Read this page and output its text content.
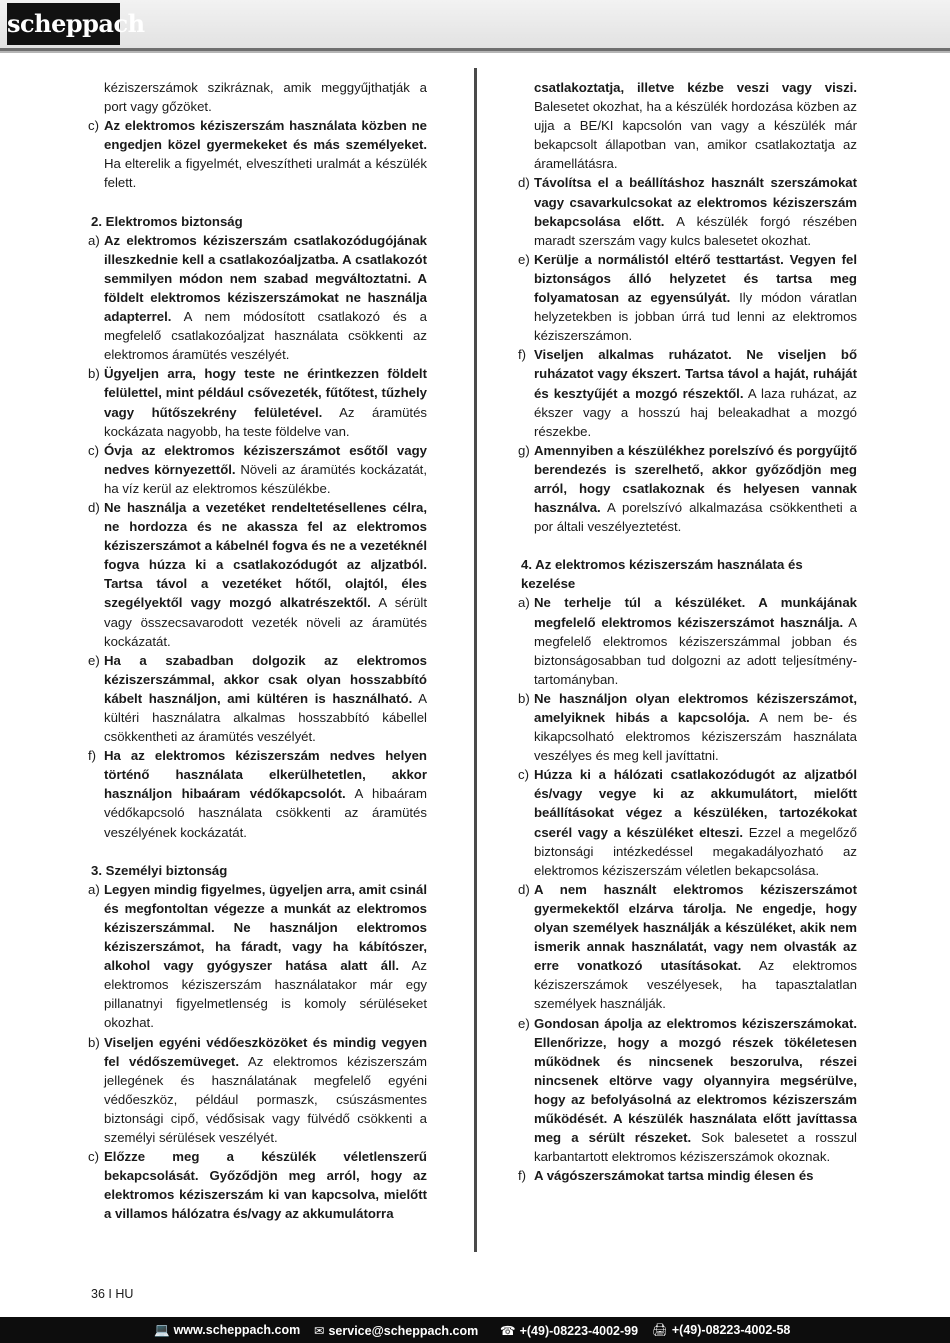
scheppach
kéziszerszámok szikráznak, amik meggyűjthatják a port vagy gőzöket.
c) Az elektromos kéziszerszám használata közben ne engedjen közel gyermekeket és más személyeket. Ha elterelik a figyelmét, elveszítheti uralmát a készülék felett.
2. Elektromos biztonság
a) Az elektromos kéziszerszám csatlakozódugójának illeszkednie kell a csatlakozóaljzatba. A csatlakozót semmilyen módon nem szabad megváltoztatni. A földelt elektromos kéziszerszámokat ne használja adapterrel. A nem módosított csatlakozó és a megfelelő csatlakozóaljzat használata csökkenti az elektromos áramütés veszélyét.
b) Ügyeljen arra, hogy teste ne érintkezzen földelt felülettel, mint például csővezeték, fűtőtest, tűzhely vagy hűtőszekrény felületével. Az áramütés kockázata nagyobb, ha teste földelve van.
c) Óvja az elektromos kéziszerszámot esőtől vagy nedves környezettől. Növeli az áramütés kockázatát, ha víz kerül az elektromos készülékbe.
d) Ne használja a vezetéket rendeltetésellenes célra, ne hordozza és ne akassza fel az elektromos kéziszerszámot a kábelnél fogva és ne a vezetéknél fogva húzza ki a csatlakozódugót az aljzatból. Tartsa távol a vezetéket hőtől, olajtól, éles szegélyektől vagy mozgó alkatrészektől. A sérült vagy összecsavarodott vezeték növeli az áramütés kockázatát.
e) Ha a szabadban dolgozik az elektromos kéziszerszámmal, akkor csak olyan hosszabbító kábelt használjon, ami kültéren is használható. A kültéri használatra alkalmas hosszabbító kábellel csökkentheti az áramütés veszélyét.
f) Ha az elektromos kéziszerszám nedves helyen történő használata elkerülhetetlen, akkor használjon hibaáram védőkapcsolót. A hibaáram védőkapcsoló használata csökkenti az áramütés veszélyének kockázatát.
3. Személyi biztonság
a) Legyen mindig figyelmes, ügyeljen arra, amit csinál és megfontoltan végezze a munkát az elektromos kéziszerszámmal. Ne használjon elektromos kéziszerszámot, ha fáradt, vagy ha kábítószer, alkohol vagy gyógyszer hatása alatt áll. Az elektromos kéziszerszám használatakor már egy pillanatnyi figyelmetlenség is komoly sérüléseket okozhat.
b) Viseljen egyéni védőeszközöket és mindig vegyen fel védőszemüveget. Az elektromos kéziszerszám jellegének és használatának megfelelő egyéni védőeszköz, például pormaszk, csúszásmentes biztonsági cipő, védősisak vagy fülvédő csökkenti a személyi sérülések veszélyét.
c) Előzze meg a készülék véletlenszerű bekapcsolását. Győződjön meg arról, hogy az elektromos kéziszerszám ki van kapcsolva, mielőtt a villamos hálózatra és/vagy az akkumulátorra
csatlakoztatja, illetve kézbe veszi vagy viszi. Balesetet okozhat, ha a készülék hordozása közben az ujja a BE/KI kapcsolón van vagy a készülék már bekapcsolt állapotban van, amikor csatlakoztatja az áramellátásra.
d) Távolítsa el a beállításhoz használt szerszámokat vagy csavarkulcsokat az elektromos kéziszerszám bekapcsolása előtt. A készülék forgó részében maradt szerszám vagy kulcs balesetet okozhat.
e) Kerülje a normálistól eltérő testtartást. Vegyen fel biztonságos álló helyzetet és tartsa meg folyamatosan az egyensúlyát. Ily módon váratlan helyzetekben is jobban úrrá tud lenni az elektromos kéziszerszámon.
f) Viseljen alkalmas ruházatot. Ne viseljen bő ruházatot vagy ékszert. Tartsa távol a haját, ruháját és kesztyűjét a mozgó részektől. A laza ruházat, az ékszer vagy a hosszú haj beleakadhat a mozgó részekbe.
g) Amennyiben a készülékhez porelszívó és porgyűjtő berendezés is szerelhető, akkor győződjön meg arról, hogy csatlakoznak és helyesen vannak használva. A porelszívó alkalmazása csökkentheti a por általi veszélyeztetést.
4. Az elektromos kéziszerszám használata és kezelése
a) Ne terhelje túl a készüléket. A munkájának megfelelő elektromos kéziszerszámot használja. A megfelelő elektromos kéziszerszámmal jobban és biztonságosabban tud dolgozni az adott teljesítmény-tartományban.
b) Ne használjon olyan elektromos kéziszerszámot, amelyiknek hibás a kapcsolója. A nem be- és kikapcsolható elektromos kéziszerszám használata veszélyes és meg kell javíttatni.
c) Húzza ki a hálózati csatlakozódugót az aljzatból és/vagy vegye ki az akkumulátort, mielőtt beállításokat végez a készüléken, tartozékokat cserél vagy a készüléket elteszi. Ezzel a megelőző biztonsági intézkedéssel megakadályozható az elektromos kéziszerszám véletlen bekapcsolása.
d) A nem használt elektromos kéziszerszámot gyermekektől elzárva tárolja. Ne engedje, hogy olyan személyek használják a készüléket, akik nem ismerik annak használatát, vagy nem olvasták az erre vonatkozó utasításokat. Az elektromos kéziszerszámok veszélyesek, ha tapasztalatlan személyek használják.
e) Gondosan ápolja az elektromos kéziszerszámokat. Ellenőrizze, hogy a mozgó részek tökéletesen működnek és nincsenek beszorulva, részei nincsenek eltörve vagy olyannyira megsérülve, hogy az befolyásolná az elektromos kéziszerszám működését. A készülék használata előtt javíttassa meg a sérült részeket. Sok balesetet a rosszul karbantartott elektromos kéziszerszámok okoznak.
f) A vágószerszámokat tartsa mindig élesen és
36 I HU
💻 www.scheppach.com ✉ service@scheppach.com ☎ +(49)-08223-4002-99 🖨 +(49)-08223-4002-58
